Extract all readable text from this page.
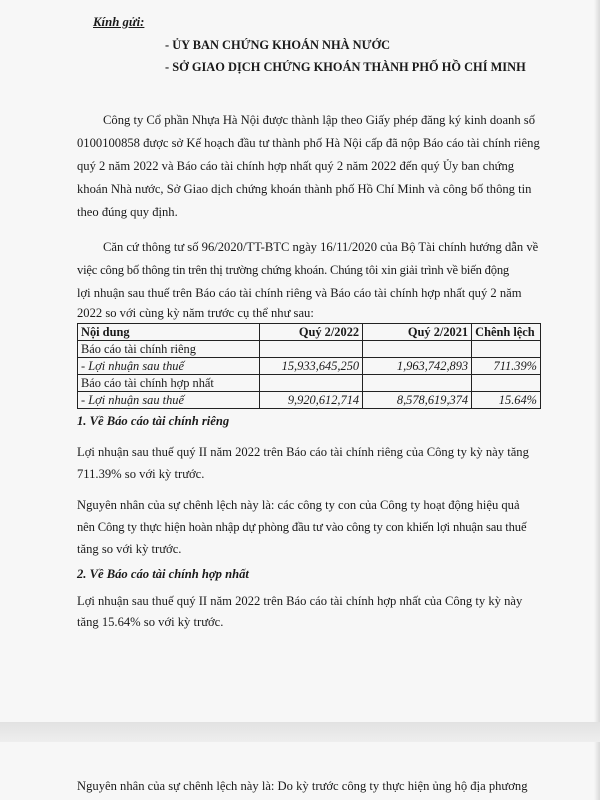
Kính gửi:
- ỦY BAN CHỨNG KHOÁN NHÀ NƯỚC
- SỞ GIAO DỊCH CHỨNG KHOÁN THÀNH PHỐ HỒ CHÍ MINH
Công ty Cổ phần Nhựa Hà Nội được thành lập theo Giấy phép đăng ký kinh doanh số
0100100858 được sở Kế hoạch đầu tư thành phố Hà Nội cấp đã nộp Báo cáo tài chính riêng
quý 2 năm 2022 và Báo cáo tài chính hợp nhất quý 2 năm 2022 đến quý Ủy ban chứng
khoán Nhà nước, Sở Giao dịch chứng khoán thành phố Hồ Chí Minh và công bố thông tin
theo đúng quy định.
Căn cứ thông tư số 96/2020/TT-BTC ngày 16/11/2020 của Bộ Tài chính hướng dẫn về
việc công bố thông tin trên thị trường chứng khoán. Chúng tôi xin giải trình về biến động
lợi nhuận sau thuế trên Báo cáo tài chính riêng và Báo cáo tài chính hợp nhất quý 2 năm
2022 so với cùng kỳ năm trước cụ thể như sau:
Nội dung	Quý 2/2022	Quý 2/2021	Chênh lệch
Báo cáo tài chính riêng			
- Lợi nhuận sau thuế	15,933,645,250	1,963,742,893	711.39%
Báo cáo tài chính hợp nhất			
- Lợi nhuận sau thuế	9,920,612,714	8,578,619,374	15.64%
1. Về Báo cáo tài chính riêng
Lợi nhuận sau thuế quý II năm 2022 trên Báo cáo tài chính riêng của Công ty kỳ này tăng
711.39% so với kỳ trước.
Nguyên nhân của sự chênh lệch này là: các công ty con của Công ty hoạt động hiệu quả
nên Công ty thực hiện hoàn nhập dự phòng đầu tư vào công ty con khiến lợi nhuận sau thuế
tăng so với kỳ trước.
2. Về Báo cáo tài chính hợp nhất
Lợi nhuận sau thuế quý II năm 2022 trên Báo cáo tài chính hợp nhất của Công ty kỳ này
tăng 15.64% so với kỳ trước.
Nguyên nhân của sự chênh lệch này là: Do kỳ trước công ty thực hiện ủng hộ địa phương
